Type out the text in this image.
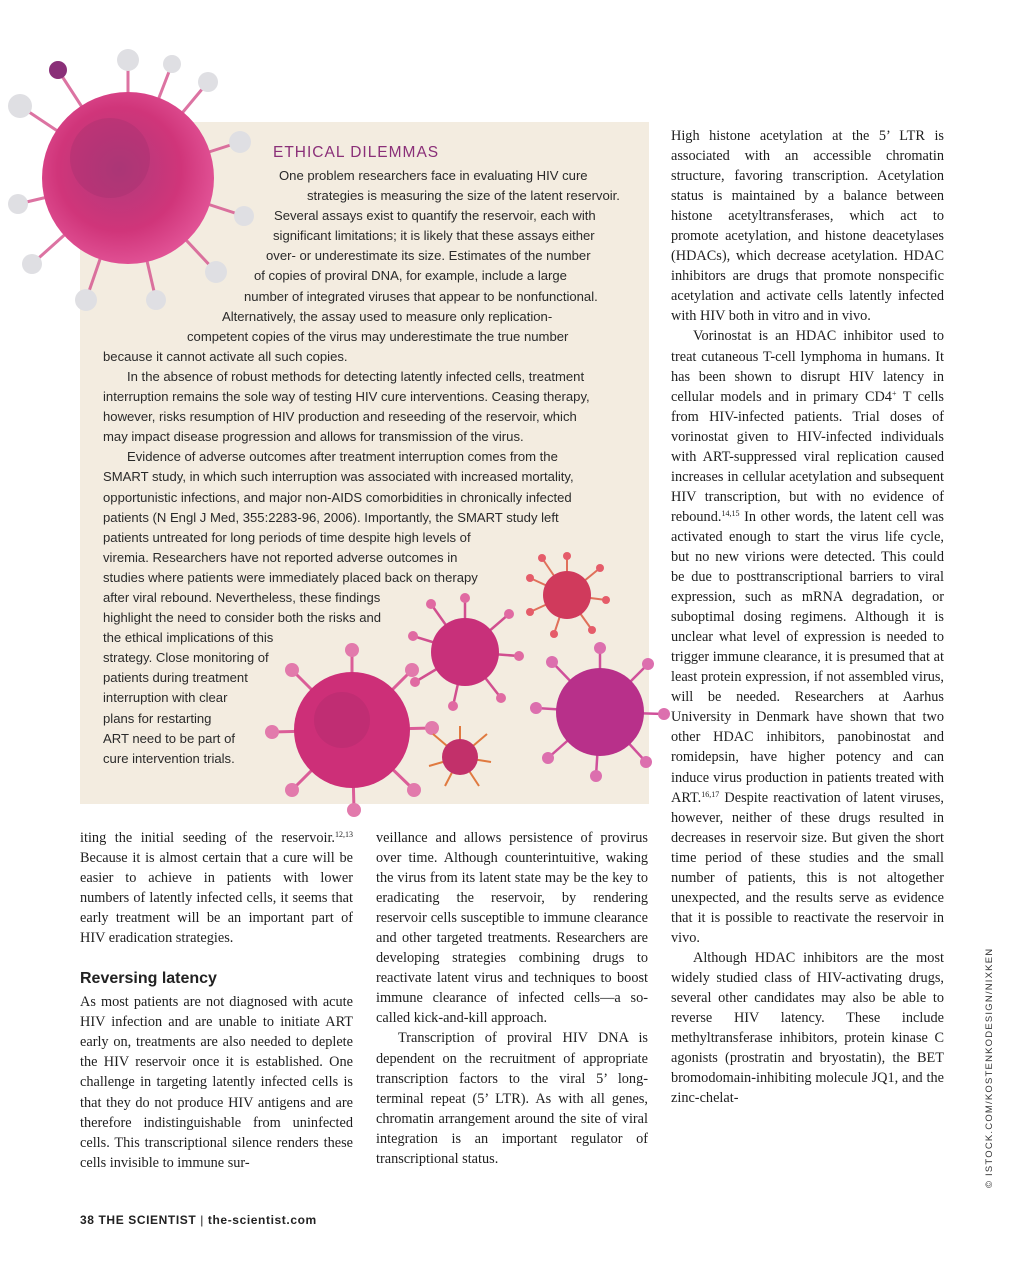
ETHICAL DILEMMAS
One problem researchers face in evaluating HIV cure
strategies is measuring the size of the latent reservoir.
Several assays exist to quantify the reservoir, each with
significant limitations; it is likely that these assays either
over- or underestimate its size. Estimates of the number
of copies of proviral DNA, for example, include a large
number of integrated viruses that appear to be nonfunctional.
Alternatively, the assay used to measure only replication-
competent copies of the virus may underestimate the true number
because it cannot activate all such copies.
In the absence of robust methods for detecting latently infected cells, treatment
interruption remains the sole way of testing HIV cure interventions. Ceasing therapy,
however, risks resumption of HIV production and reseeding of the reservoir, which
may impact disease progression and allows for transmission of the virus.
Evidence of adverse outcomes after treatment interruption comes from the
SMART study, in which such interruption was associated with increased mortality,
opportunistic infections, and major non-AIDS comorbidities in chronically infected
patients (N Engl J Med, 355:2283-96, 2006). Importantly, the SMART study left
patients untreated for long periods of time despite high levels of
viremia. Researchers have not reported adverse outcomes in
studies where patients were immediately placed back on therapy
after viral rebound. Nevertheless, these findings
highlight the need to consider both the risks and
the ethical implications of this
strategy. Close monitoring of
patients during treatment
interruption with clear
plans for restarting
ART need to be part of
cure intervention trials.

iting the initial seeding of the reservoir.$^{12,13}$ Because it is almost certain that a cure will be easier to achieve in patients with lower numbers of latently infected cells, it seems that early treatment will be an important part of HIV eradication strategies.

Reversing latency

As most patients are not diagnosed with acute HIV infection and are unable to initiate ART early on, treatments are also needed to deplete the HIV reservoir once it is established. One challenge in targeting latently infected cells is that they do not produce HIV antigens and are therefore indistinguishable from uninfected cells. This transcriptional silence renders these cells invisible to immune sur-

veillance and allows persistence of provirus over time. Although counterintuitive, waking the virus from its latent state may be the key to eradicating the reservoir, by rendering reservoir cells susceptible to immune clearance and other targeted treatments. Researchers are developing strategies combining drugs to reactivate latent virus and techniques to boost immune clearance of infected cells—a so-called kick-and-kill approach.

Transcription of proviral HIV DNA is dependent on the recruitment of appropriate transcription factors to the viral 5’ long-terminal repeat (5’ LTR). As with all genes, chromatin arrangement around the site of viral integration is an important regulator of transcriptional status.

High histone acetylation at the 5’ LTR is associated with an accessible chromatin structure, favoring transcription. Acetylation status is maintained by a balance between histone acetyltransferases, which act to promote acetylation, and histone deacetylases (HDACs), which decrease acetylation. HDAC inhibitors are drugs that promote nonspecific acetylation and activate cells latently infected with HIV both in vitro and in vivo.

Vorinostat is an HDAC inhibitor used to treat cutaneous T-cell lymphoma in humans. It has been shown to disrupt HIV latency in cellular models and in primary CD4+ T cells from HIV-infected patients. Trial doses of vorinostat given to HIV-infected individuals with ART-suppressed viral replication caused increases in cellular acetylation and subsequent HIV transcription, but with no evidence of rebound.$^{14,15}$ In other words, the latent cell was activated enough to start the virus life cycle, but no new virions were detected. This could be due to posttranscriptional barriers to viral expression, such as mRNA degradation, or suboptimal dosing regimens. Although it is unclear what level of expression is needed to trigger immune clearance, it is presumed that at least protein expression, if not assembled virus, will be needed. Researchers at Aarhus University in Denmark have shown that two other HDAC inhibitors, panobinostat and romidepsin, have higher potency and can induce virus production in patients treated with ART.$^{16,17}$ Despite reactivation of latent viruses, however, neither of these drugs resulted in decreases in reservoir size. But given the short time period of these studies and the small number of patients, this is not altogether unexpected, and the results serve as evidence that it is possible to reactivate the reservoir in vivo.

Although HDAC inhibitors are the most widely studied class of HIV-activating drugs, several other candidates may also be able to reverse HIV latency. These include methyltransferase inhibitors, protein kinase C agonists (prostratin and bryostatin), the BET bromodomain-inhibiting molecule JQ1, and the zinc-chelat-

38 THE SCIENTIST | the-scientist.com
© ISTOCK.COM/KOSTENKODESIGN/NIXKEN
